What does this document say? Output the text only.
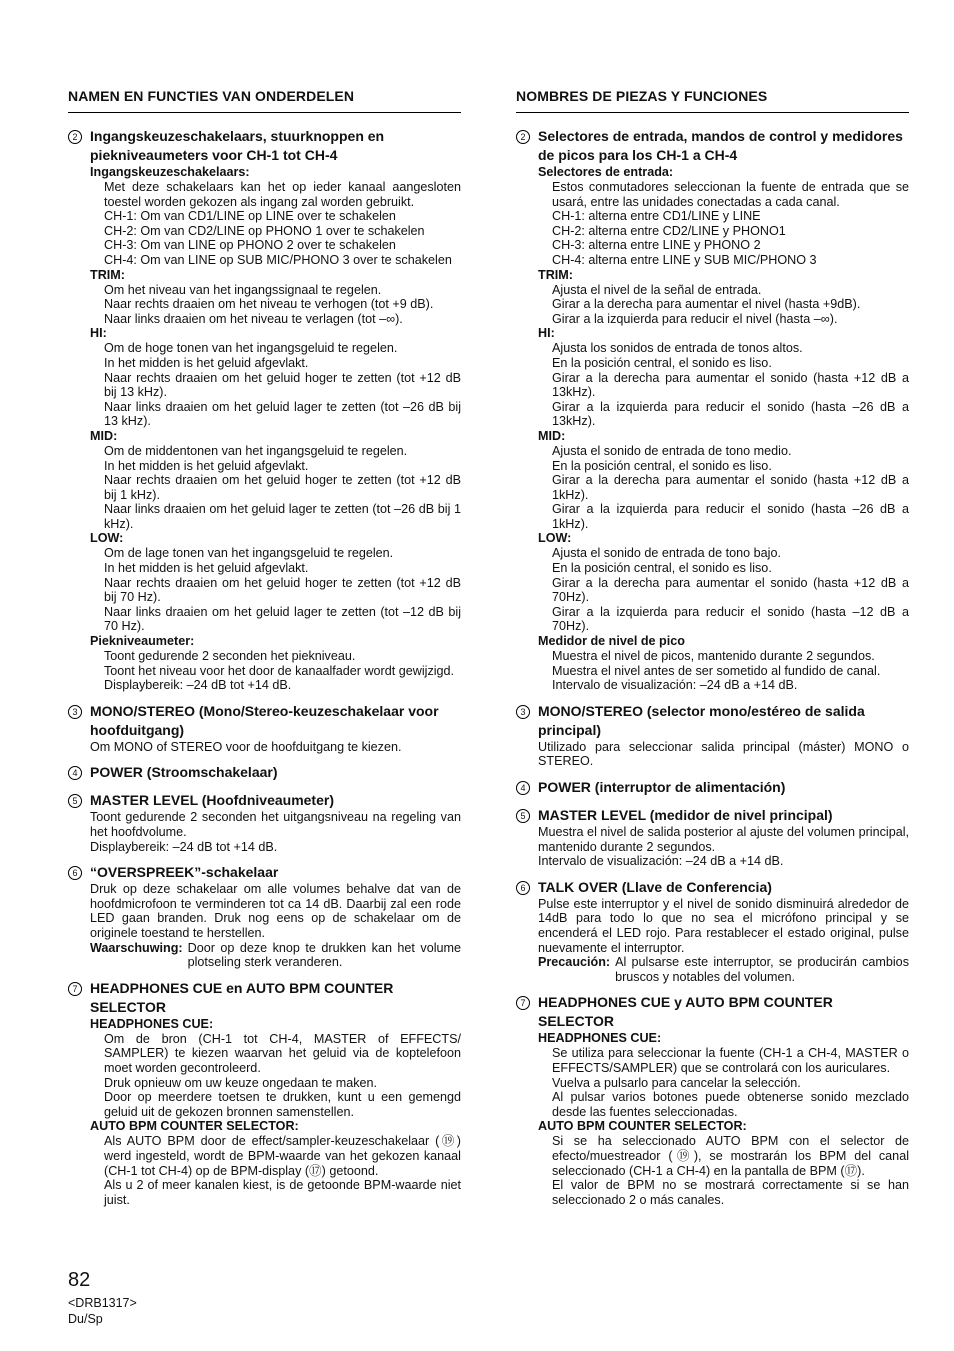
NAMEN EN FUNCTIES VAN ONDERDELEN
2 Ingangskeuzeschakelaars, stuurknoppen en piekniveaumeters voor CH-1 tot CH-4
Ingangskeuzeschakelaars:
Met deze schakelaars kan het op ieder kanaal aangesloten toestel worden gekozen als ingang zal worden gebruikt.
CH-1: Om van CD1/LINE op LINE over te schakelen
CH-2: Om van CD2/LINE op PHONO 1 over te schakelen
CH-3: Om van LINE op PHONO 2 over te schakelen
CH-4: Om van LINE op SUB MIC/PHONO 3 over te schakelen
TRIM:
Om het niveau van het ingangssignaal te regelen.
Naar rechts draaien om het niveau te verhogen (tot +9 dB).
Naar links draaien om het niveau te verlagen (tot –∞).
HI:
Om de hoge tonen van het ingangsgeluid te regelen.
In het midden is het geluid afgevlakt.
Naar rechts draaien om het geluid hoger te zetten (tot +12 dB bij 13 kHz).
Naar links draaien om het geluid lager te zetten (tot –26 dB bij 13 kHz).
MID:
Om de middentonen van het ingangsgeluid te regelen.
In het midden is het geluid afgevlakt.
Naar rechts draaien om het geluid hoger te zetten (tot +12 dB bij 1 kHz).
Naar links draaien om het geluid lager te zetten (tot –26 dB bij 1 kHz).
LOW:
Om de lage tonen van het ingangsgeluid te regelen.
In het midden is het geluid afgevlakt.
Naar rechts draaien om het geluid hoger te zetten (tot +12 dB bij 70 Hz).
Naar links draaien om het geluid lager te zetten (tot –12 dB bij 70 Hz).
Piekniveaumeter:
Toont gedurende 2 seconden het piekniveau.
Toont het niveau voor het door de kanaalfader wordt gewijzigd.
Displaybereik: –24 dB tot +14 dB.
3 MONO/STEREO (Mono/Stereo-keuzeschakelaar voor hoofduitgang)
Om MONO of STEREO voor de hoofduitgang te kiezen.
4 POWER (Stroomschakelaar)
5 MASTER LEVEL (Hoofdniveaumeter)
Toont gedurende 2 seconden het uitgangsniveau na regeling van het hoofdvolume.
Displaybereik: –24 dB tot +14 dB.
6 “OVERSPREEK”-schakelaar
Druk op deze schakelaar om alle volumes behalve dat van de hoofdmicrofoon te verminderen tot ca 14 dB. Daarbij zal een rode LED gaan branden. Druk nog eens op de schakelaar om de originele toestand te herstellen.
Waarschuwing: Door op deze knop te drukken kan het volume plotseling sterk veranderen.
7 HEADPHONES CUE en AUTO BPM COUNTER SELECTOR
HEADPHONES CUE:
Om de bron (CH-1 tot CH-4, MASTER of EFFECTS/ SAMPLER) te kiezen waarvan het geluid via de koptelefoon moet worden gecontroleerd.
Druk opnieuw om uw keuze ongedaan te maken.
Door op meerdere toetsen te drukken, kunt u een gemengd geluid uit de gekozen bronnen samenstellen.
AUTO BPM COUNTER SELECTOR:
Als AUTO BPM door de effect/sampler-keuzeschakelaar (⑲) werd ingesteld, wordt de BPM-waarde van het gekozen kanaal (CH-1 tot CH-4) op de BPM-display (⑰) getoond.
Als u 2 of meer kanalen kiest, is de getoonde BPM-waarde niet juist.
NOMBRES DE PIEZAS Y FUNCIONES
2 Selectores de entrada, mandos de control y medidores de picos para los CH-1 a CH-4
Selectores de entrada:
Estos conmutadores seleccionan la fuente de entrada que se usará, entre las unidades conectadas a cada canal.
CH-1: alterna entre CD1/LINE y LINE
CH-2: alterna entre CD2/LINE y PHONO1
CH-3: alterna entre LINE y PHONO 2
CH-4: alterna entre LINE y SUB MIC/PHONO 3
TRIM:
Ajusta el nivel de la señal de entrada.
Girar a la derecha para aumentar el nivel (hasta +9dB).
Girar a la izquierda para reducir el nivel (hasta –∞).
HI:
Ajusta los sonidos de entrada de tonos altos.
En la posición central, el sonido es liso.
Girar a la derecha para aumentar el sonido (hasta +12 dB a 13kHz).
Girar a la izquierda para reducir el sonido (hasta –26 dB a 13kHz).
MID:
Ajusta el sonido de entrada de tono medio.
En la posición central, el sonido es liso.
Girar a la derecha para aumentar el sonido (hasta +12 dB a 1kHz).
Girar a la izquierda para reducir el sonido (hasta –26 dB a 1kHz).
LOW:
Ajusta el sonido de entrada de tono bajo.
En la posición central, el sonido es liso.
Girar a la derecha para aumentar el sonido (hasta +12 dB a 70Hz).
Girar a la izquierda para reducir el sonido (hasta –12 dB a 70Hz).
Medidor de nivel de pico
Muestra el nivel de picos, mantenido durante 2 segundos.
Muestra el nivel antes de ser sometido al fundido de canal.
Intervalo de visualización: –24 dB a +14 dB.
3 MONO/STEREO (selector mono/estéreo de salida principal)
Utilizado para seleccionar salida principal (máster) MONO o STEREO.
4 POWER (interruptor de alimentación)
5 MASTER LEVEL (medidor de nivel principal)
Muestra el nivel de salida posterior al ajuste del volumen principal, mantenido durante 2 segundos.
Intervalo de visualización: –24 dB a +14 dB.
6 TALK OVER (Llave de Conferencia)
Pulse este interruptor y el nivel de sonido disminuirá alrededor de 14dB para todo lo que no sea el micrófono principal y se encenderá el LED rojo. Para restablecer el estado original, pulse nuevamente el interruptor.
Precaución: Al pulsarse este interruptor, se producirán cambios bruscos y notables del volumen.
7 HEADPHONES CUE y AUTO BPM COUNTER SELECTOR
HEADPHONES CUE:
Se utiliza para seleccionar la fuente (CH-1 a CH-4, MASTER o EFFECTS/SAMPLER) que se controlará con los auriculares.
Vuelva a pulsarlo para cancelar la selección.
Al pulsar varios botones puede obtenerse sonido mezclado desde las fuentes seleccionadas.
AUTO BPM COUNTER SELECTOR:
Si se ha seleccionado AUTO BPM con el selector de efecto/muestreador (⑲), se mostrarán los BPM del canal seleccionado (CH-1 a CH-4) en la pantalla de BPM (⑰).
El valor de BPM no se mostrará correctamente si se han seleccionado 2 o más canales.
82
<DRB1317>
Du/Sp
